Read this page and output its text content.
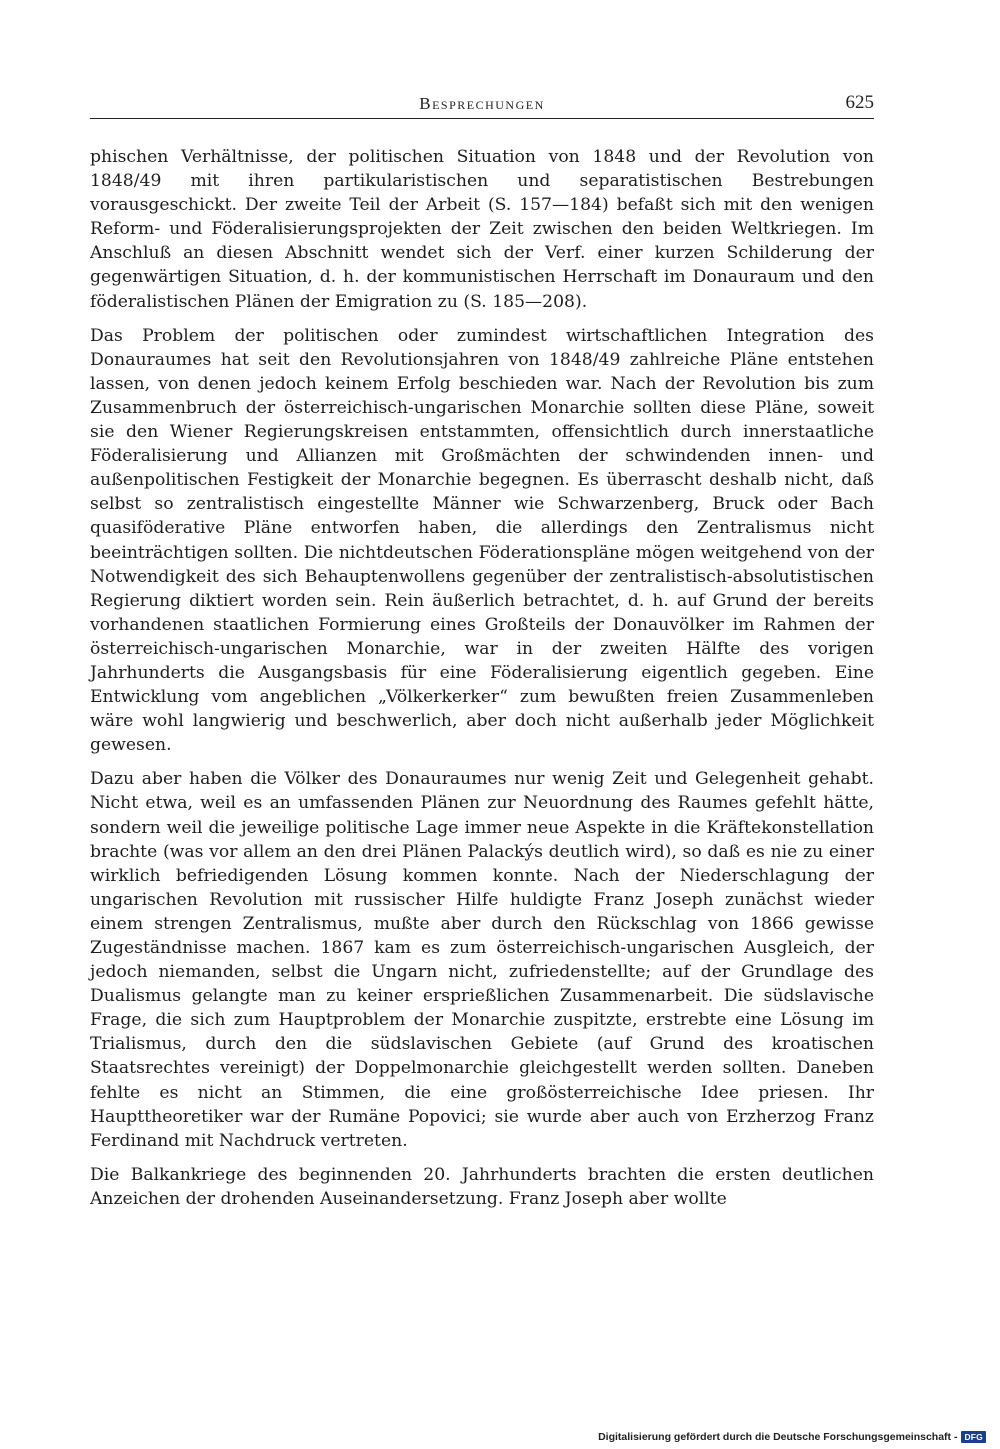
Besprechungen	625

phischen Verhältnisse, der politischen Situation von 1848 und der Revolution von 1848/49 mit ihren partikularistischen und separatistischen Bestrebungen vorausgeschickt. Der zweite Teil der Arbeit (S. 157—184) befaßt sich mit den wenigen Reform- und Föderalisierungsprojekten der Zeit zwischen den beiden Weltkriegen. Im Anschluß an diesen Abschnitt wendet sich der Verf. einer kurzen Schilderung der gegenwärtigen Situation, d. h. der kommunistischen Herrschaft im Donauraum und den föderalistischen Plänen der Emigration zu (S. 185—208).

Das Problem der politischen oder zumindest wirtschaftlichen Integration des Donauraumes hat seit den Revolutionsjahren von 1848/49 zahlreiche Pläne entstehen lassen, von denen jedoch keinem Erfolg beschieden war. Nach der Revolution bis zum Zusammenbruch der österreichisch-ungarischen Monarchie sollten diese Pläne, soweit sie den Wiener Regierungskreisen entstammten, offensichtlich durch innerstaatliche Föderalisierung und Allianzen mit Großmächten der schwindenden innen- und außenpolitischen Festigkeit der Monarchie begegnen. Es überrascht deshalb nicht, daß selbst so zentralistisch eingestellte Männer wie Schwarzenberg, Bruck oder Bach quasiföderative Pläne entworfen haben, die allerdings den Zentralismus nicht beeinträchtigen sollten. Die nichtdeutschen Föderationspläne mögen weitgehend von der Notwendigkeit des sich Behauptenwollens gegenüber der zentralistisch-absolutistischen Regierung diktiert worden sein. Rein äußerlich betrachtet, d. h. auf Grund der bereits vorhandenen staatlichen Formierung eines Großteils der Donauvölker im Rahmen der österreichisch-ungarischen Monarchie, war in der zweiten Hälfte des vorigen Jahrhunderts die Ausgangsbasis für eine Föderalisierung eigentlich gegeben. Eine Entwicklung vom angeblichen „Völkerkerker“ zum bewußten freien Zusammenleben wäre wohl langwierig und beschwerlich, aber doch nicht außerhalb jeder Möglichkeit gewesen.

Dazu aber haben die Völker des Donauraumes nur wenig Zeit und Gelegenheit gehabt. Nicht etwa, weil es an umfassenden Plänen zur Neuordnung des Raumes gefehlt hätte, sondern weil die jeweilige politische Lage immer neue Aspekte in die Kräftekonstellation brachte (was vor allem an den drei Plänen Palackýs deutlich wird), so daß es nie zu einer wirklich befriedigenden Lösung kommen konnte. Nach der Niederschlagung der ungarischen Revolution mit russischer Hilfe huldigte Franz Joseph zunächst wieder einem strengen Zentralismus, mußte aber durch den Rückschlag von 1866 gewisse Zugeständnisse machen. 1867 kam es zum österreichisch-ungarischen Ausgleich, der jedoch niemanden, selbst die Ungarn nicht, zufriedenstellte; auf der Grundlage des Dualismus gelangte man zu keiner ersprießlichen Zusammenarbeit. Die südslavische Frage, die sich zum Hauptproblem der Monarchie zuspitzte, erstrebte eine Lösung im Trialismus, durch den die südslavischen Gebiete (auf Grund des kroatischen Staatsrechtes vereinigt) der Doppelmonarchie gleichgestellt werden sollten. Daneben fehlte es nicht an Stimmen, die eine großösterreichische Idee priesen. Ihr Haupttheoretiker war der Rumäne Popovici; sie wurde aber auch von Erzherzog Franz Ferdinand mit Nachdruck vertreten.

Die Balkankriege des beginnenden 20. Jahrhunderts brachten die ersten deutlichen Anzeichen der drohenden Auseinandersetzung. Franz Joseph aber wollte

Digitalisierung gefördert durch die Deutsche Forschungsgemeinschaft - DFG
